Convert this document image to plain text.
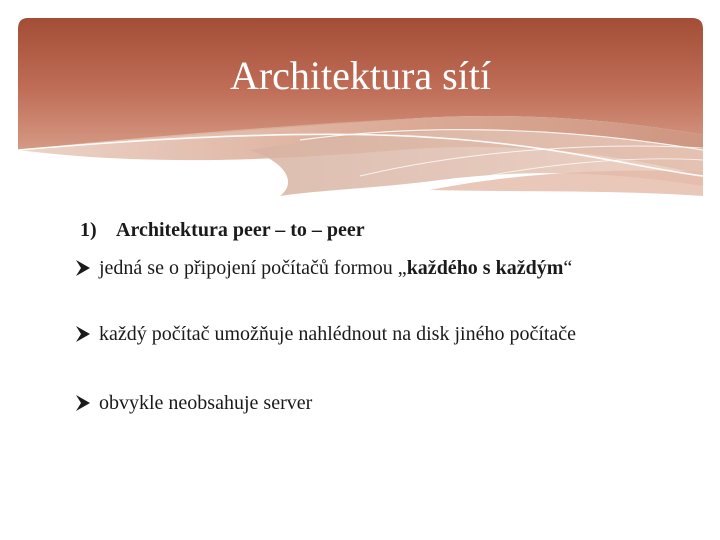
Architektura sítí
1) Architektura peer – to – peer
jedná se o připojení počítačů formou „každého s každým“
každý počítač umožňuje nahlédnout na disk jiného počítače
obvykle neobsahuje server
